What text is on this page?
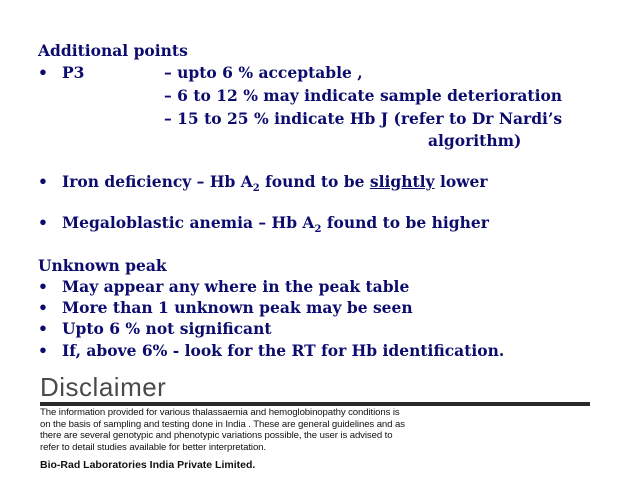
Additional points
• P3	– upto 6 % acceptable ,
– 6 to 12 % may indicate sample deterioration
– 15 to 25 % indicate Hb J (refer to Dr Nardi’s
algorithm)
• Iron deficiency – Hb $A_2$ found to be slightly lower
• Megaloblastic anemia – Hb $A_2$ found to be higher
Unknown peak
• May appear any where in the peak table
• More than 1 unknown peak may be seen
• Upto 6 % not significant
• If, above 6% - look for the RT for Hb identification.
Disclaimer
The information provided for various thalassaemia and hemoglobinopathy conditions is
on the basis of sampling and testing done in India . These are general guidelines and as
there are several genotypic and phenotypic variations possible, the user is advised to
refer to detail studies available for better interpretation.
Bio-Rad Laboratories India Private Limited.
